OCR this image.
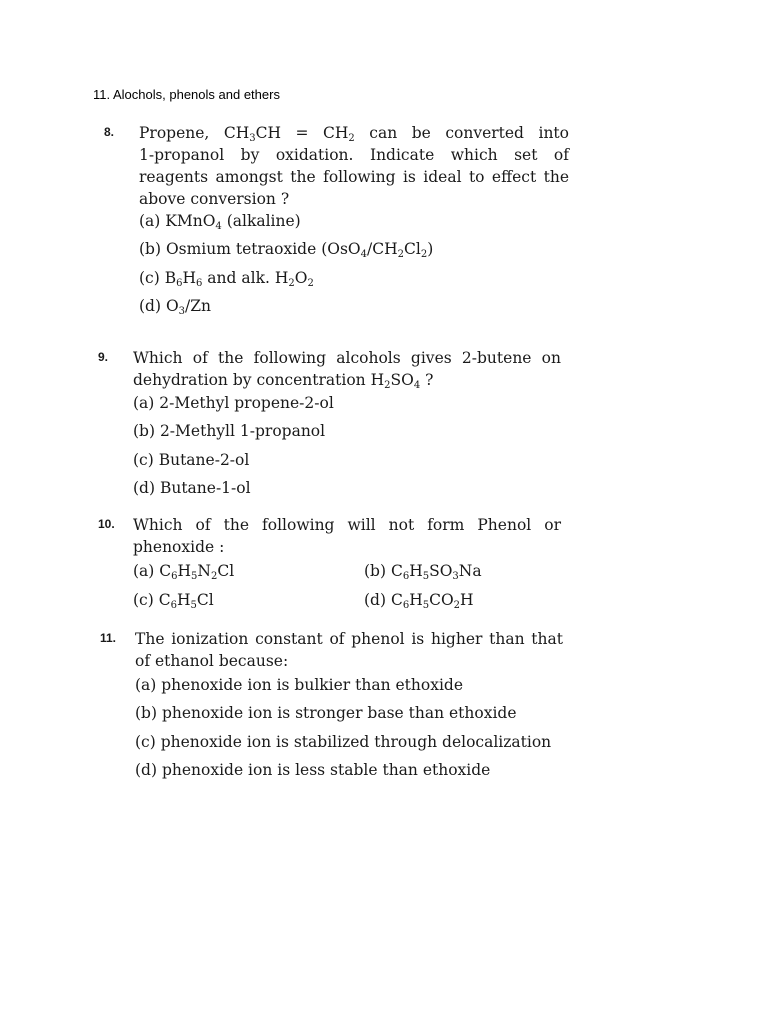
11. Alochols, phenols and ethers
8. Propene, $CH_3CH = CH_2$ can be converted into
1-propanol by oxidation. Indicate which set of
reagents amongst the following is ideal to effect the
above conversion ?
(a) KMnO$_4$ (alkaline)
(b) Osmium tetraoxide $(OsO_4/CH_2Cl_2)$
(c) $B_6H_6$ and alk. $H_2O_2$
(d) $O_3/Zn$
9. Which of the following alcohols gives 2-butene on
dehydration by concentration $H_2SO_4$ ?
(a) 2-Methyl propene-2-ol
(b) 2-Methyll 1-propanol
(c) Butane-2-ol
(d) Butane-1-ol
10. Which of the following will not form Phenol or
phenoxide :
(a) $C_6H_5N_2Cl$	(b) $C_6H_5SO_3Na$
(c) $C_6H_5Cl$	(d) $C_6H_5CO_2H$
11. The ionization constant of phenol is higher than that
of ethanol because:
(a) phenoxide ion is bulkier than ethoxide
(b) phenoxide ion is stronger base than ethoxide
(c) phenoxide ion is stabilized through delocalization
(d) phenoxide ion is less stable than ethoxide
